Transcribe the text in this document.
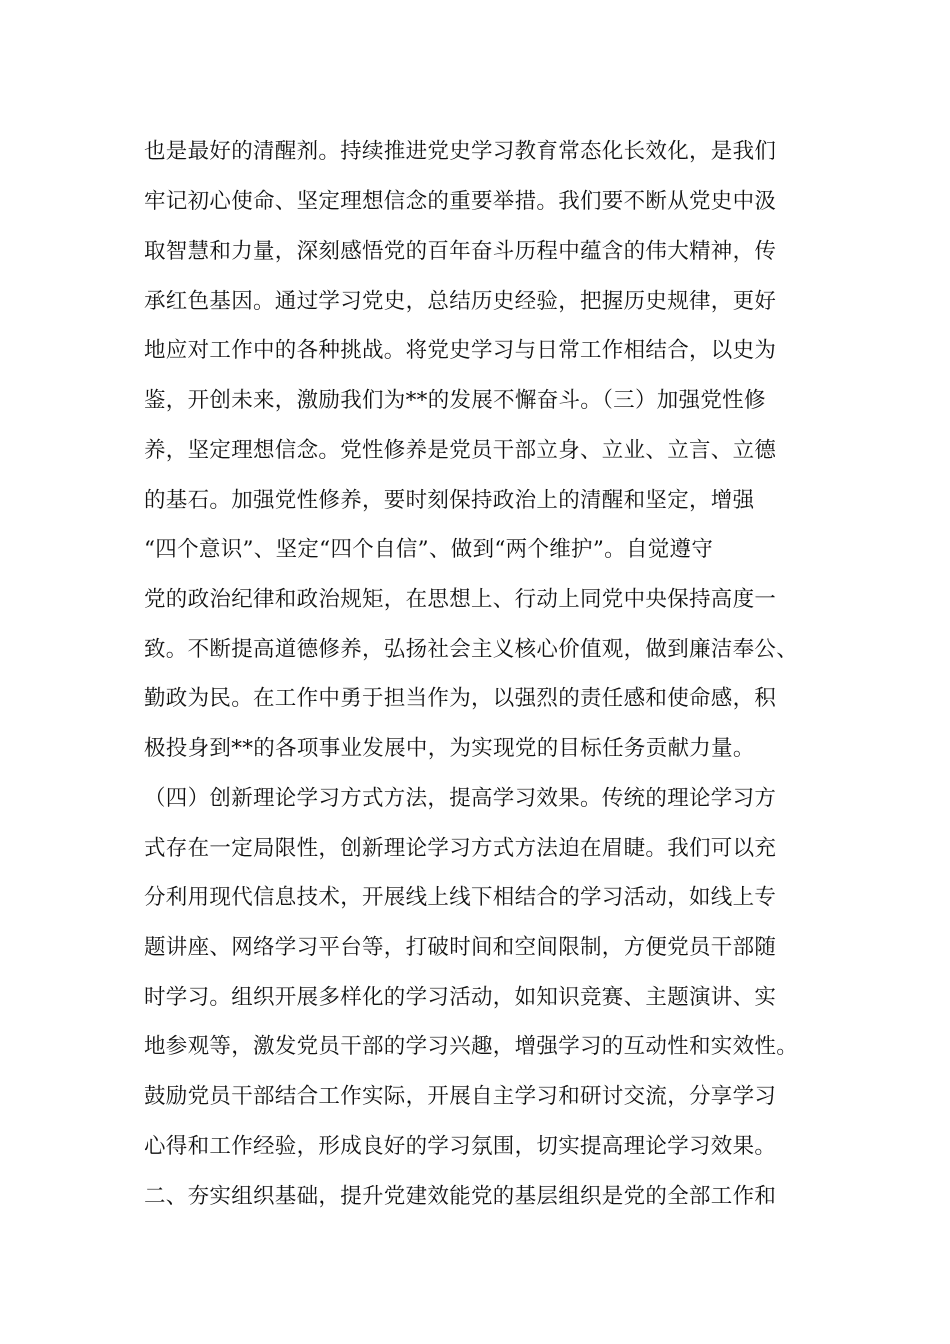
也是最好的清醒剂。持续推进党史学习教育常态化长效化，是我们
牢记初心使命、坚定理想信念的重要举措。我们要不断从党史中汲
取智慧和力量，深刻感悟党的百年奋斗历程中蕴含的伟大精神，传
承红色基因。通过学习党史，总结历史经验，把握历史规律，更好
地应对工作中的各种挑战。将党史学习与日常工作相结合，以史为
鉴，开创未来，激励我们为**的发展不懈奋斗。（三）加强党性修
养，坚定理想信念。党性修养是党员干部立身、立业、立言、立德
的基石。加强党性修养，要时刻保持政治上的清醒和坚定，增强
“四个意识”、坚定“四个自信”、做到“两个维护”。自觉遵守
党的政治纪律和政治规矩，在思想上、行动上同党中央保持高度一
致。不断提高道德修养，弘扬社会主义核心价值观，做到廉洁奉公、
勤政为民。在工作中勇于担当作为，以强烈的责任感和使命感，积
极投身到**的各项事业发展中，为实现党的目标任务贡献力量。
（四）创新理论学习方式方法，提高学习效果。传统的理论学习方
式存在一定局限性，创新理论学习方式方法迫在眉睫。我们可以充
分利用现代信息技术，开展线上线下相结合的学习活动，如线上专
题讲座、网络学习平台等，打破时间和空间限制，方便党员干部随
时学习。组织开展多样化的学习活动，如知识竞赛、主题演讲、实
地参观等，激发党员干部的学习兴趣，增强学习的互动性和实效性。
鼓励党员干部结合工作实际，开展自主学习和研讨交流，分享学习
心得和工作经验，形成良好的学习氛围，切实提高理论学习效果。
二、夯实组织基础，提升党建效能党的基层组织是党的全部工作和
